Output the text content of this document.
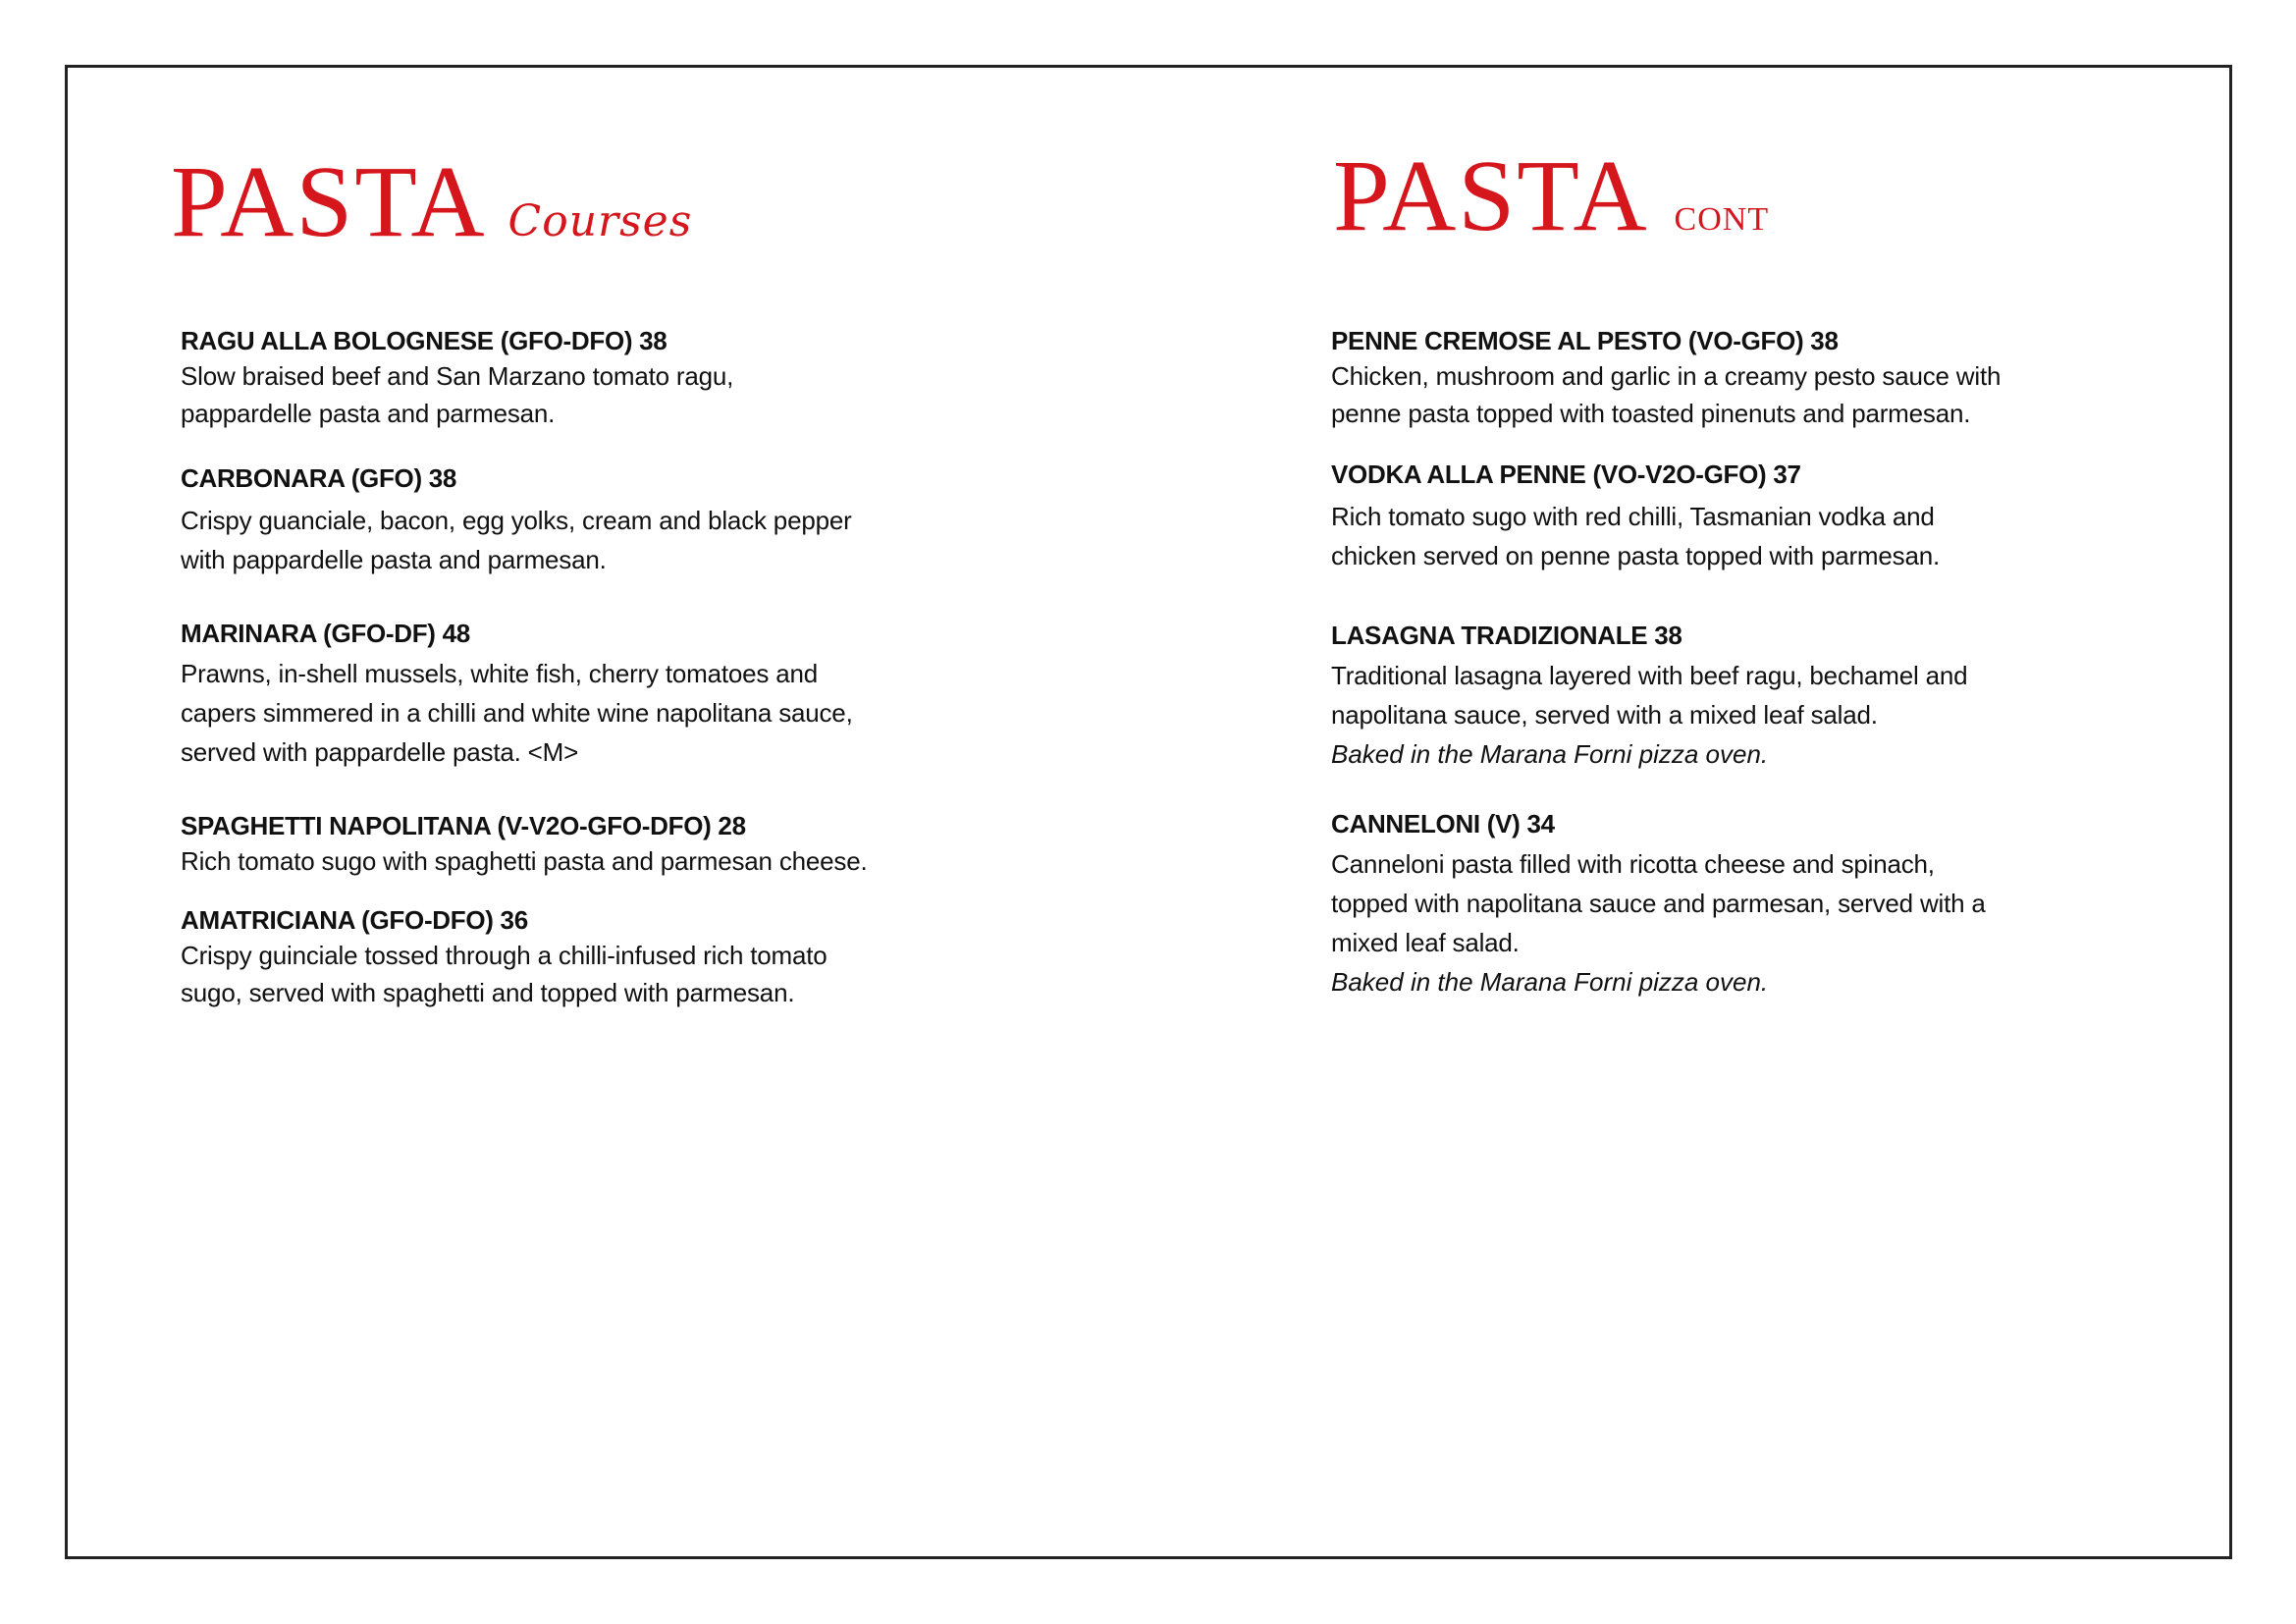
PASTA Courses	PASTA CONT
RAGU ALLA BOLOGNESE (GFO-DFO) 38
Slow braised beef and San Marzano tomato ragu,
pappardelle pasta and parmesan.
CARBONARA (GFO) 38
Crispy guanciale, bacon, egg yolks, cream and black pepper
with pappardelle pasta and parmesan.
MARINARA (GFO-DF) 48
Prawns, in-shell mussels, white fish, cherry tomatoes and
capers simmered in a chilli and white wine napolitana sauce,
served with pappardelle pasta. <M>
SPAGHETTI NAPOLITANA (V-V2O-GFO-DFO) 28
Rich tomato sugo with spaghetti pasta and parmesan cheese.
AMATRICIANA (GFO-DFO) 36
Crispy guinciale tossed through a chilli-infused rich tomato
sugo, served with spaghetti and topped with parmesan.
PENNE CREMOSE AL PESTO (VO-GFO) 38
Chicken, mushroom and garlic in a creamy pesto sauce with
penne pasta topped with toasted pinenuts and parmesan.
VODKA ALLA PENNE (VO-V2O-GFO) 37
Rich tomato sugo with red chilli, Tasmanian vodka and
chicken served on penne pasta topped with parmesan.
LASAGNA TRADIZIONALE 38
Traditional lasagna layered with beef ragu, bechamel and
napolitana sauce, served with a mixed leaf salad.
Baked in the Marana Forni pizza oven.
CANNELONI (V) 34
Canneloni pasta filled with ricotta cheese and spinach,
topped with napolitana sauce and parmesan, served with a
mixed leaf salad.
Baked in the Marana Forni pizza oven.
